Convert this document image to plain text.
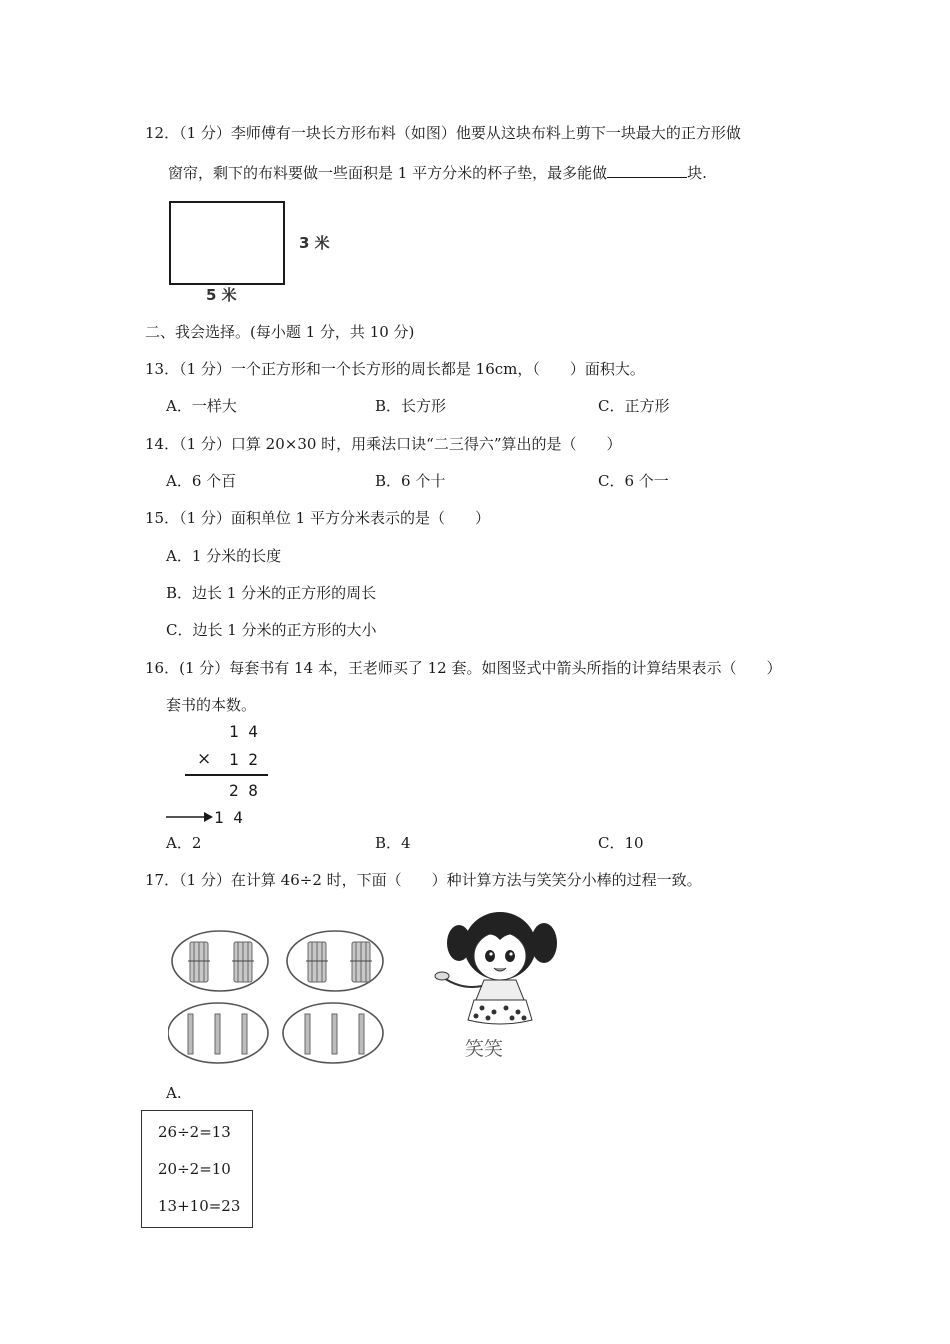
12．（1 分）李师傅有一块长方形布料（如图）他要从这块布料上剪下一块最大的正方形做
窗帘，剩下的布料要做一些面积是 1 平方分米的杯子垫，最多能做	块.
3 米
5 米
二、我会选择。(每小题 1 分，共 10 分)
13．（1 分）一个正方形和一个长方形的周长都是 16cm，（　　）面积大。
A．一样大	B．长方形	C．正方形
14．（1 分）口算 20×30 时，用乘法口诀“二三得六”算出的是（　　）
A．6 个百	B．6 个十	C．6 个一
15．（1 分）面积单位 1 平方分米表示的是（　　）
A．1 分米的长度
B．边长 1 分米的正方形的周长
C．边长 1 分米的正方形的大小
16．(1 分）每套书有 14 本，王老师买了 12 套。如图竖式中箭头所指的计算结果表示（　　）
套书的本数。
1 4
× 1 2
2 8
1 4
A．2	B．4	C．10
17．（1 分）在计算 46÷2 时，下面（　　）种计算方法与笑笑分小棒的过程一致。
笑笑
A.
26÷2=13
20÷2=10
13+10=23
